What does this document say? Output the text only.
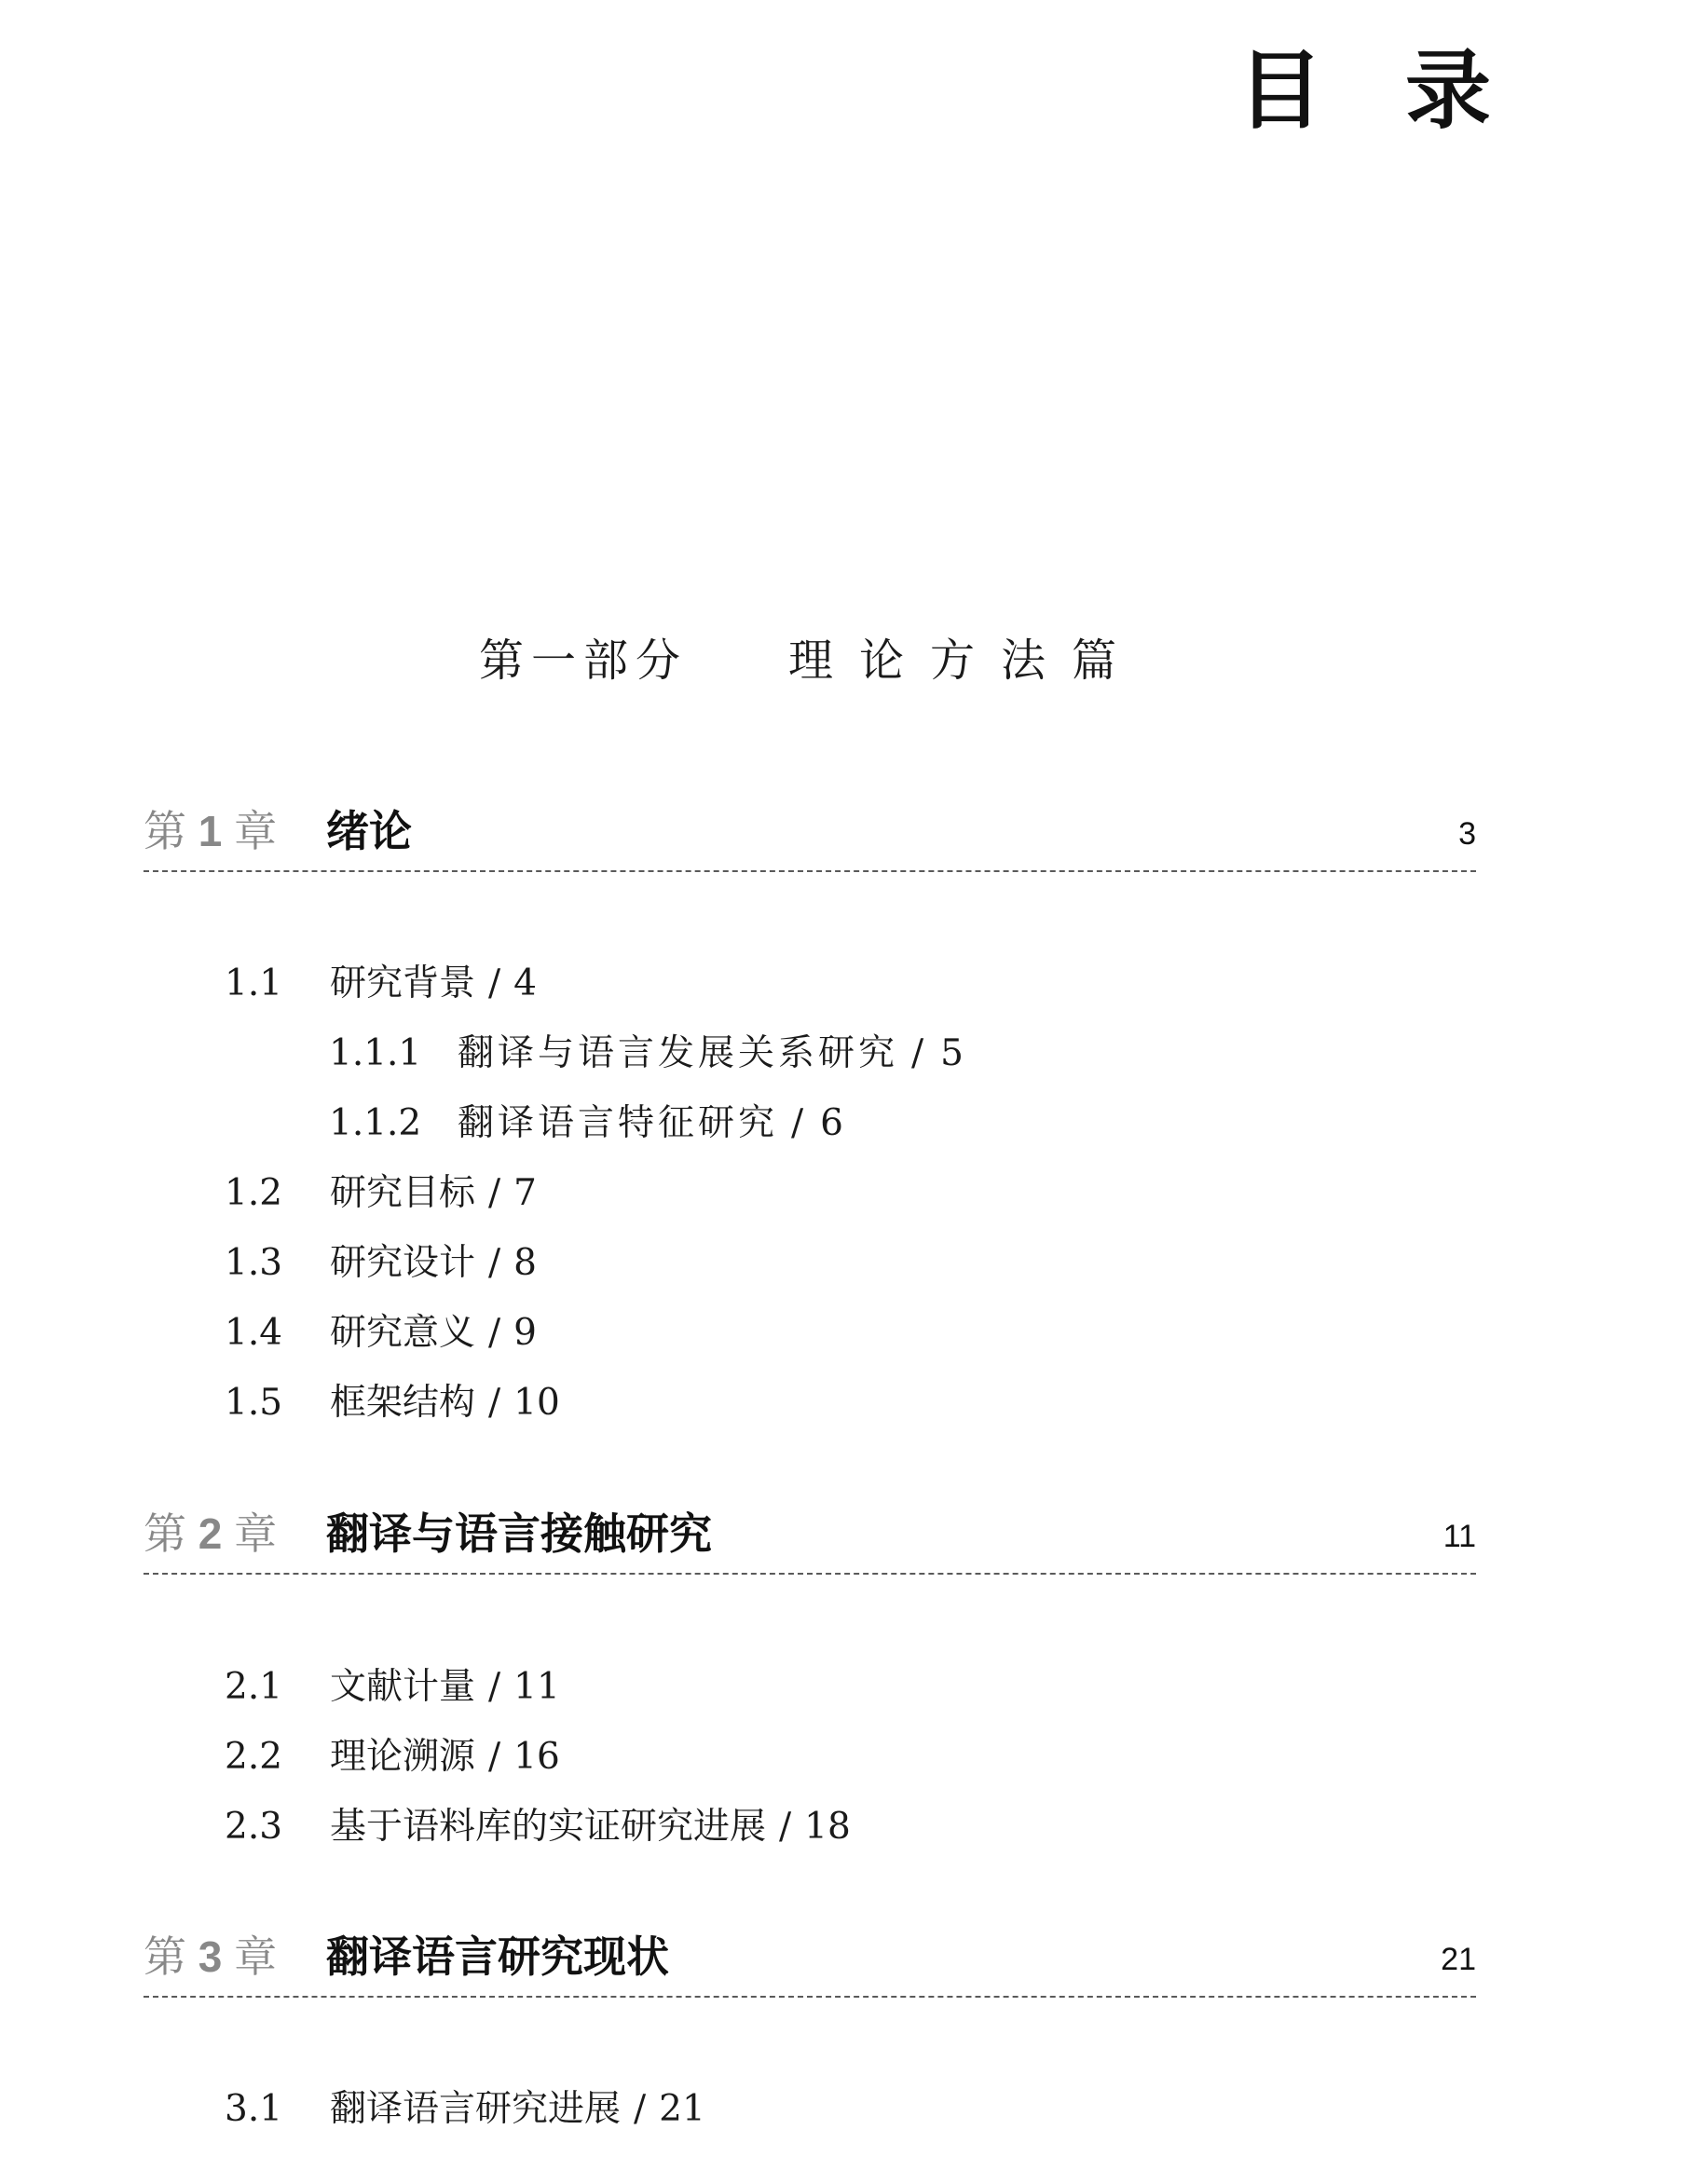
目 录
第一部分 理论方法篇
第 1 章 绪论	3
1.1 研究背景 / 4
1.1.1 翻译与语言发展关系研究 / 5
1.1.2 翻译语言特征研究 / 6
1.2 研究目标 / 7
1.3 研究设计 / 8
1.4 研究意义 / 9
1.5 框架结构 / 10
第 2 章 翻译与语言接触研究	11
2.1 文献计量 / 11
2.2 理论溯源 / 16
2.3 基于语料库的实证研究进展 / 18
第 3 章 翻译语言研究现状	21
3.1 翻译语言研究进展 / 21
